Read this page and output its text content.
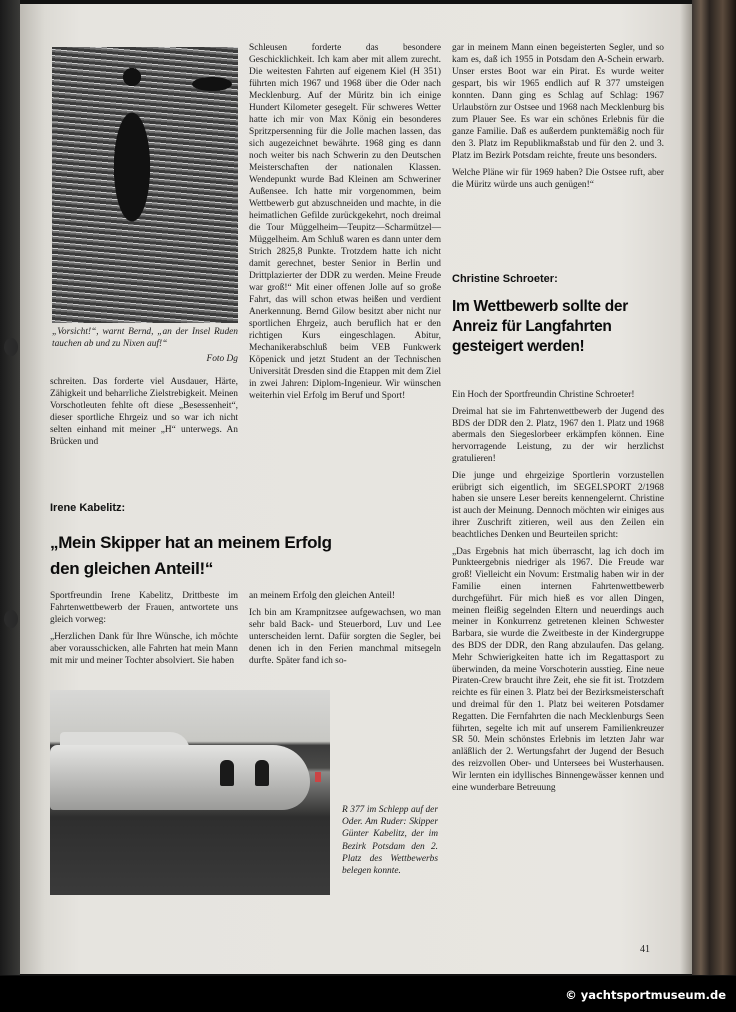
„Vorsicht!“, warnt Bernd, „an der Insel Ruden tauchen ab und zu Nixen auf!“

Foto Dg

schreiten. Das forderte viel Ausdauer, Härte, Zähigkeit und beharrliche Zielstrebigkeit. Meinen Vorschotleuten fehlte oft diese „Besessenheit“, dieser sportliche Ehrgeiz und so war ich nicht selten einhand mit meiner „H“ unterwegs. An Brücken und

Schleusen forderte das besondere Geschicklichkeit. Ich kam aber mit allem zurecht. Die weitesten Fahrten auf eigenem Kiel (H 351) führten mich 1967 und 1968 über die Oder nach Mecklenburg. Auf der Müritz bin ich einige Hundert Kilometer gesegelt. Für schweres Wetter hatte ich mir von Max König ein besonderes Spritzpersenning für die Jolle machen lassen, das sich augezeichnet bewährte. 1968 ging es dann noch weiter bis nach Schwerin zu den Deutschen Meisterschaften der nationalen Klassen. Wendepunkt wurde Bad Kleinen am Schweriner Außensee. Ich hatte mir vorgenommen, beim Wettbewerb gut abzuschneiden und machte, in die heimatlichen Gefilde zurückgekehrt, noch dreimal die Tour Müggelheim—Teupitz—Scharmützel—Müggelheim. Am Schluß waren es dann unter dem Strich 2825,8 Punkte. Trotzdem hatte ich nicht damit gerechnet, bester Senior in Berlin und Drittplazierter der DDR zu werden. Meine Freude war groß!“ Mit einer offenen Jolle auf so große Fahrt, das will schon etwas heißen und verdient Anerkennung. Bernd Gilow besitzt aber nicht nur sportlichen Ehrgeiz, auch beruflich hat er den richtigen Kurs eingeschlagen. Abitur, Mechanikerabschluß beim VEB Funkwerk Köpenick und jetzt Student an der Technischen Universität Dresden sind die Etappen mit dem Ziel in zwei Jahren: Diplom-Ingenieur. Wir wünschen weiterhin viel Erfolg im Beruf und Sport!

gar in meinem Mann einen begeisterten Segler, und so kam es, daß ich 1955 in Potsdam den A-Schein erwarb. Unser erstes Boot war ein Pirat. Es wurde weiter gespart, bis wir 1965 endlich auf R 377 umsteigen konnten. Dann ging es Schlag auf Schlag: 1967 Urlaubstörn zur Ostsee und 1968 nach Mecklenburg bis zum Plauer See. Es war ein schönes Erlebnis für die ganze Familie. Daß es außerdem punktemäßig noch für den 3. Platz im Republikmaßstab und für den 2. und 3. Platz im Bezirk Potsdam reichte, freute uns besonders.

Welche Pläne wir für 1969 haben? Die Ostsee ruft, aber die Müritz würde uns auch genügen!“

Christine Schroeter:
Im Wettbewerb sollte der Anreiz für Langfahrten gesteigert werden!

Ein Hoch der Sportfreundin Christine Schroeter!

Dreimal hat sie im Fahrtenwettbewerb der Jugend des BDS der DDR den 2. Platz, 1967 den 1. Platz und 1968 abermals den Siegeslorbeer erkämpfen können. Eine hervorragende Leistung, zu der wir herzlichst gratulieren!

Die junge und ehrgeizige Sportlerin vorzustellen erübrigt sich eigentlich, im SEGELSPORT 2/1968 haben sie unsere Leser bereits kennengelernt. Christine ist auch der Meinung. Dennoch möchten wir einiges aus ihrer Zuschrift zitieren, weil aus den Zeilen ein beachtliches Denken und Beurteilen spricht:

„Das Ergebnis hat mich überrascht, lag ich doch im Punkteergebnis niedriger als 1967. Die Freude war groß! Vielleicht ein Novum: Erstmalig haben wir in der Familie einen internen Fahrtenwettbewerb durchgeführt. Für mich hieß es vor allen Dingen, meinen fleißig segelnden Eltern und neuerdings auch meiner in Konkurrenz getretenen kleinen Schwester Barbara, sie wurde die Zweitbeste in der Kindergruppe des BDS der DDR, den Rang abzulaufen. Das gelang. Mehr Schwierigkeiten hatte ich im Regattasport zu überwinden, da meine Vorschoterin ausstieg. Eine neue Piraten-Crew braucht ihre Zeit, ehe sie fit ist. Trotzdem reichte es für einen 3. Platz bei der Bezirksmeisterschaft und dreimal für den 1. Platz bei weiteren Potsdamer Regatten. Die Fernfahrten die nach Mecklenburgs Seen führten, segelte ich mit auf unserem Familienkreuzer SR 50. Mein schönstes Erlebnis im letzten Jahr war anläßlich der 2. Wertungsfahrt der Jugend der Besuch des reizvollen Ober- und Untersees bei Wusterhausen. Wir lernten ein idyllisches Binnengewässer kennen und eine wunderbare Betreuung

Irene Kabelitz:
„Mein Skipper hat an meinem Erfolg
den gleichen Anteil!“

Sportfreundin Irene Kabelitz, Drittbeste im Fahrtenwettbewerb der Frauen, antwortete uns gleich vorweg:

„Herzlichen Dank für Ihre Wünsche, ich möchte aber vorausschicken, alle Fahrten hat mein Mann mit mir und meiner Tochter absolviert. Sie haben

an meinem Erfolg den gleichen Anteil!

Ich bin am Krampnitzsee aufgewachsen, wo man sehr bald Back- und Steuerbord, Luv und Lee unterscheiden lernt. Dafür sorgten die Segler, bei denen ich in den Ferien manchmal mitsegeln durfte. Später fand ich so-

R 377 im Schlepp auf der Oder. Am Ruder: Skipper Günter Kabelitz, der im Bezirk Potsdam den 2. Platz des Wettbewerbs belegen konnte.
41
© yachtsportmuseum.de
